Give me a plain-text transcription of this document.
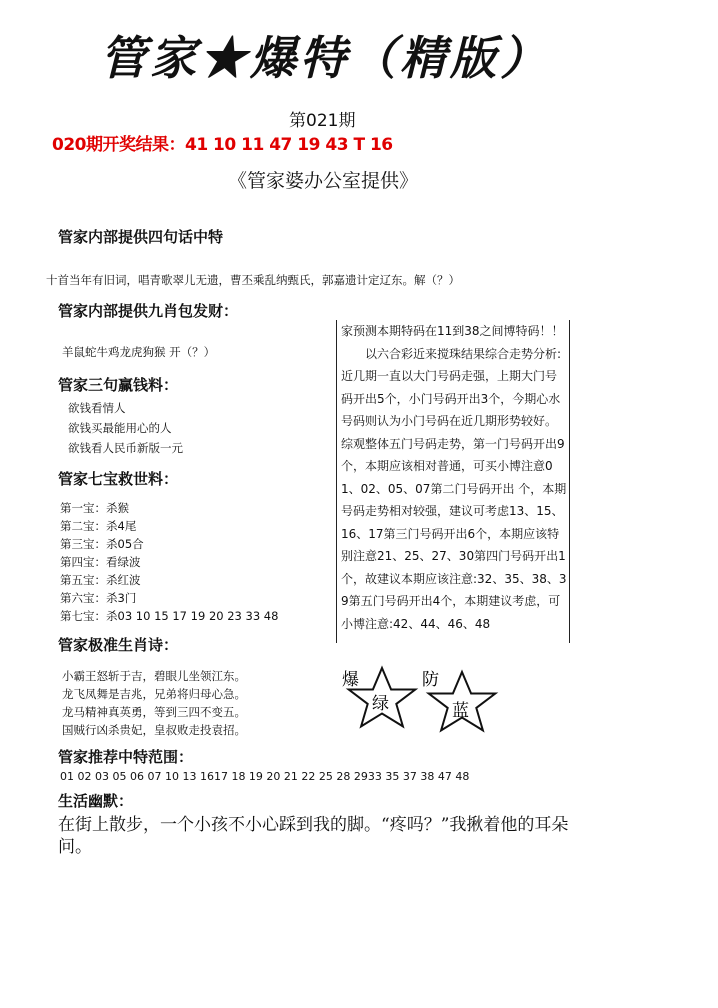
管家★爆特（精版）
第021期
020期开奖结果：41 10 11 47 19 43 T 16
《管家婆办公室提供》
管家内部提供四句话中特
十首当年有旧词，唱青歌翠儿无遗，曹丕乘乱纳甄氏，郭嘉遗计定辽东。解（？）
管家内部提供九肖包发财：
羊鼠蛇牛鸡龙虎狗猴 开（？）
管家三句赢钱料：
欲钱看情人
欲钱买最能用心的人
欲钱看人民币新版一元
管家七宝救世料：
第一宝：杀猴
第二宝：杀4尾
第三宝：杀05合
第四宝：看绿波
第五宝：杀红波
第六宝：杀3门
第七宝：杀03 10 15 17 19 20 23 33 48
管家极准生肖诗：
小霸王怒斩于吉，碧眼儿坐领江东。
龙飞凤舞是吉兆，兄弟将归母心急。
龙马精神真英勇，等到三四不变五。
国贼行凶杀贵妃，皇叔败走投袁招。
管家推荐中特范围：
01 02 03 05 06 07 10 13 1617 18 19 20 21 22 25 28 2933 35 37 38 47 48
生活幽默：
在街上散步，一个小孩不小心踩到我的脚。“疼吗？”我揪着他的耳朵问。
家预测本期特码在11到38之间博特码！！
以六合彩近来搅珠结果综合走势分析:近几期一直以大门号码走强，上期大门号码开出5个，小门号码开出3个，今期心水号码则认为小门号码在近几期形势较好。综观整体五门号码走势，第一门号码开出9个，本期应该相对普通，可买小博注意01、02、05、07第二门号码开出 个，本期号码走势相对较强，建议可考虑13、15、16、17第三门号码开出6个，本期应该特别注意21、25、27、30第四门号码开出1个，故建议本期应该注意:32、35、38、39第五门号码开出4个，本期建议考虑，可小博注意:42、44、46、48
爆	防
绿	蓝
